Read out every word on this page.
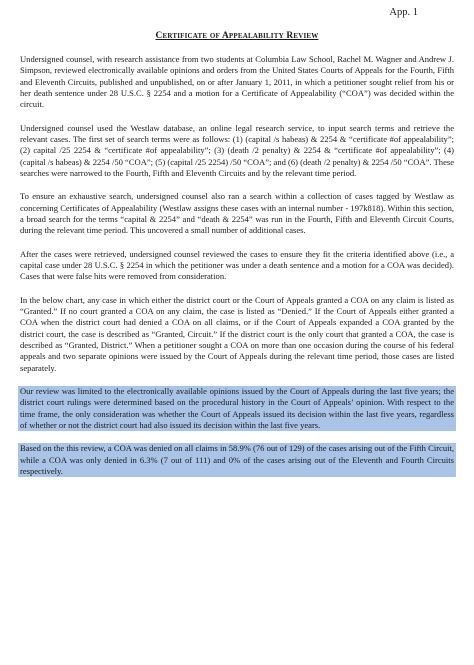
App. 1
Certificate of Appealability Review

Undersigned counsel, with research assistance from two students at Columbia Law School, Rachel M. Wagner and Andrew J. Simpson, reviewed electronically available opinions and orders from the United States Courts of Appeals for the Fourth, Fifth and Eleventh Circuits, published and unpublished, on or after January 1, 2011, in which a petitioner sought relief from his or her death sentence under 28 U.S.C. § 2254 and a motion for a Certificate of Appealability (“COA”) was decided within the circuit.

Undersigned counsel used the Westlaw database, an online legal research service, to input search terms and retrieve the relevant cases. The first set of search terms were as follows: (1) (capital /s habeas) & 2254 & “certificate #of appealability”; (2) capital /25 2254 & “certificate #of appealability”; (3) (death /2 penalty) & 2254 & “certificate #of appealability”; (4) (capital /s habeas) & 2254 /50 “COA”; (5) (capital /25 2254) /50 “COA”; and (6) (death /2 penalty) & 2254 /50 “COA”. These searches were narrowed to the Fourth, Fifth and Eleventh Circuits and by the relevant time period.

To ensure an exhaustive search, undersigned counsel also ran a search within a collection of cases tagged by Westlaw as concerning Certificates of Appealability (Westlaw assigns these cases with an internal number - 197k818). Within this section, a broad search for the terms “capital & 2254” and “death & 2254” was run in the Fourth, Fifth and Eleventh Circuit Courts, during the relevant time period. This uncovered a small number of additional cases.

After the cases were retrieved, undersigned counsel reviewed the cases to ensure they fit the criteria identified above (i.e., a capital case under 28 U.S.C. § 2254 in which the petitioner was under a death sentence and a motion for a COA was decided). Cases that were false hits were removed from consideration.

In the below chart, any case in which either the district court or the Court of Appeals granted a COA on any claim is listed as “Granted.” If no court granted a COA on any claim, the case is listed as “Denied.” If the Court of Appeals either granted a COA when the district court had denied a COA on all claims, or if the Court of Appeals expanded a COA granted by the district court, the case is described as “Granted, Circuit.” If the district court is the only court that granted a COA, the case is described as “Granted, District.” When a petitioner sought a COA on more than one occasion during the course of his federal appeals and two separate opinions were issued by the Court of Appeals during the relevant time period, those cases are listed separately.

Our review was limited to the electronically available opinions issued by the Court of Appeals during the last five years; the district court rulings were determined based on the procedural history in the Court of Appeals’ opinion. With respect to the time frame, the only consideration was whether the Court of Appeals issued its decision within the last five years, regardless of whether or not the district court had also issued its decision within the last five years.

Based on the this review, a COA was denied on all claims in 58.9% (76 out of 129) of the cases arising out of the Fifth Circuit, while a COA was only denied in 6.3% (7 out of 111) and 0% of the cases arising out of the Eleventh and Fourth Circuits respectively.
